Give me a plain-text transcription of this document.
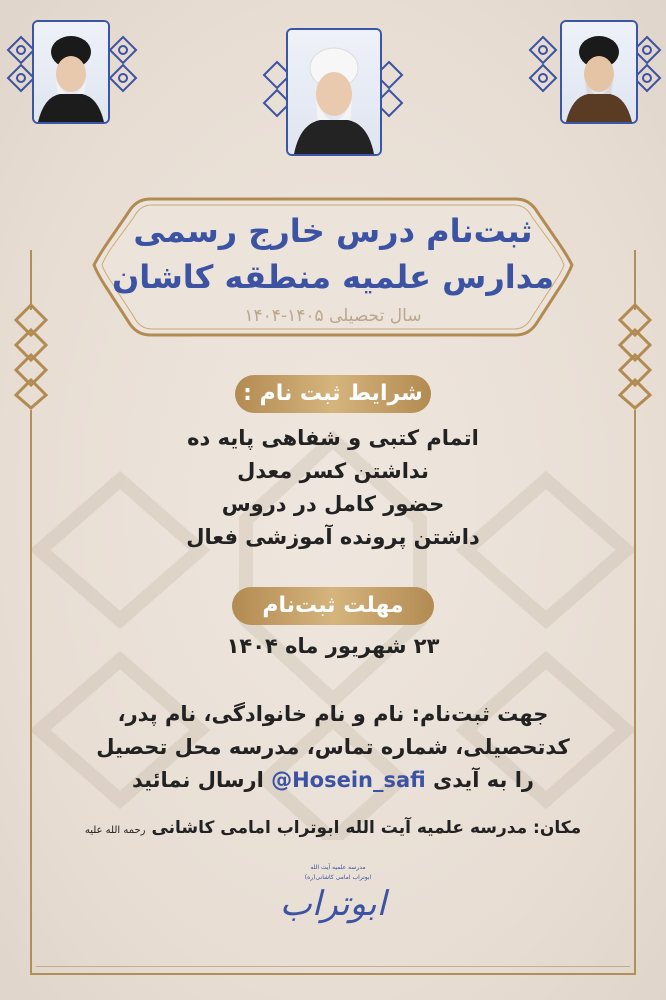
ثبت‌نام درس خارج رسمی
مدارس علمیه منطقه کاشان
سال تحصیلی ۱۴۰۵-۱۴۰۴
شرایط ثبت نام :
اتمام کتبی و شفاهی پایه ده
نداشتن کسر معدل
حضور کامل در دروس
داشتن پرونده آموزشی فعال
مهلت ثبت‌نام
۲۳ شهریور ماه ۱۴۰۴
جهت ثبت‌نام: نام و نام خانوادگی، نام پدر،
کدتحصیلی، شماره تماس، مدرسه محل تحصیل
را به آیدی @Hosein_safi ارسال نمائید
مکان: مدرسه علمیه آیت الله ابوتراب امامی کاشانی رحمه الله علیه
مدرسه علمیه آیت الله
ابوتراب امامی کاشانی(ره)
ابوتراب
